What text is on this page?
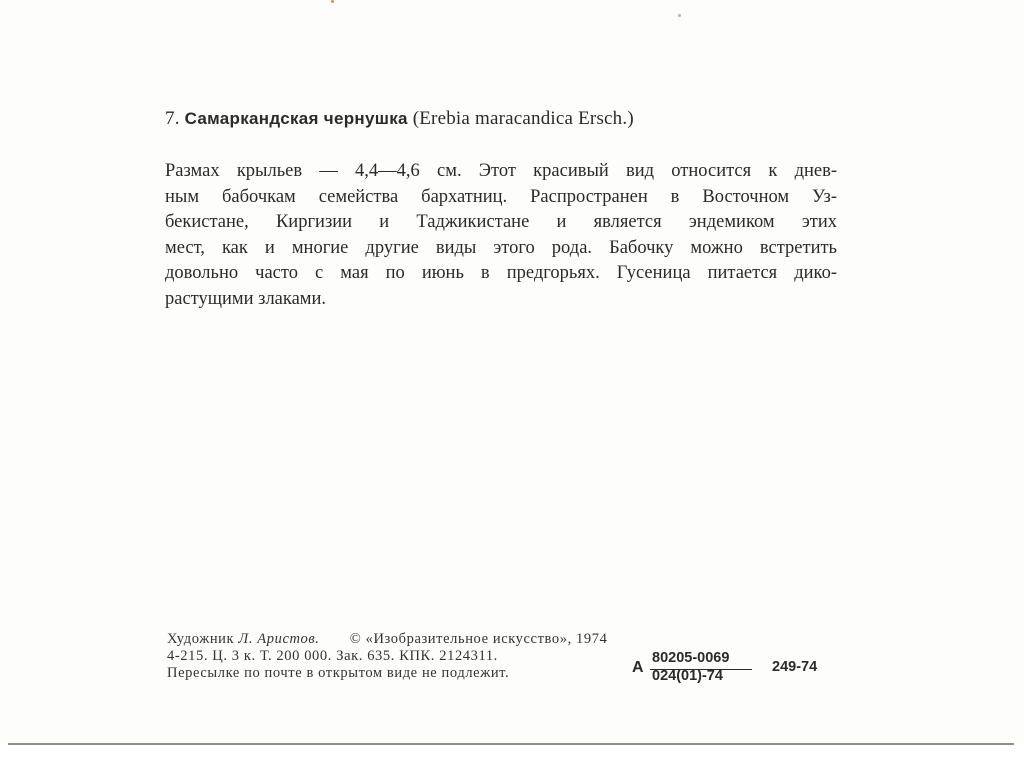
7. Самаркандская чернушка (Erebia maracandica Ersch.)
Размах крыльев — 4,4—4,6 см. Этот красивый вид относится к днев-
ным бабочкам семейства бархатниц. Распространен в Восточном Уз-
бекистане, Киргизии и Таджикистане и является эндемиком этих
мест, как и многие другие виды этого рода. Бабочку можно встретить
довольно часто с мая по июнь в предгорьях. Гусеница питается дико-
растущими злаками.
Художник Л. Аристов. © «Изобразительное искусство», 1974
4-215. Ц. 3 к. Т. 200 000. Зак. 635. КПК. 2124311.
Пересылке по почте в открытом виде не подлежит.	А
80205-0069
024(01)-74
249-74
